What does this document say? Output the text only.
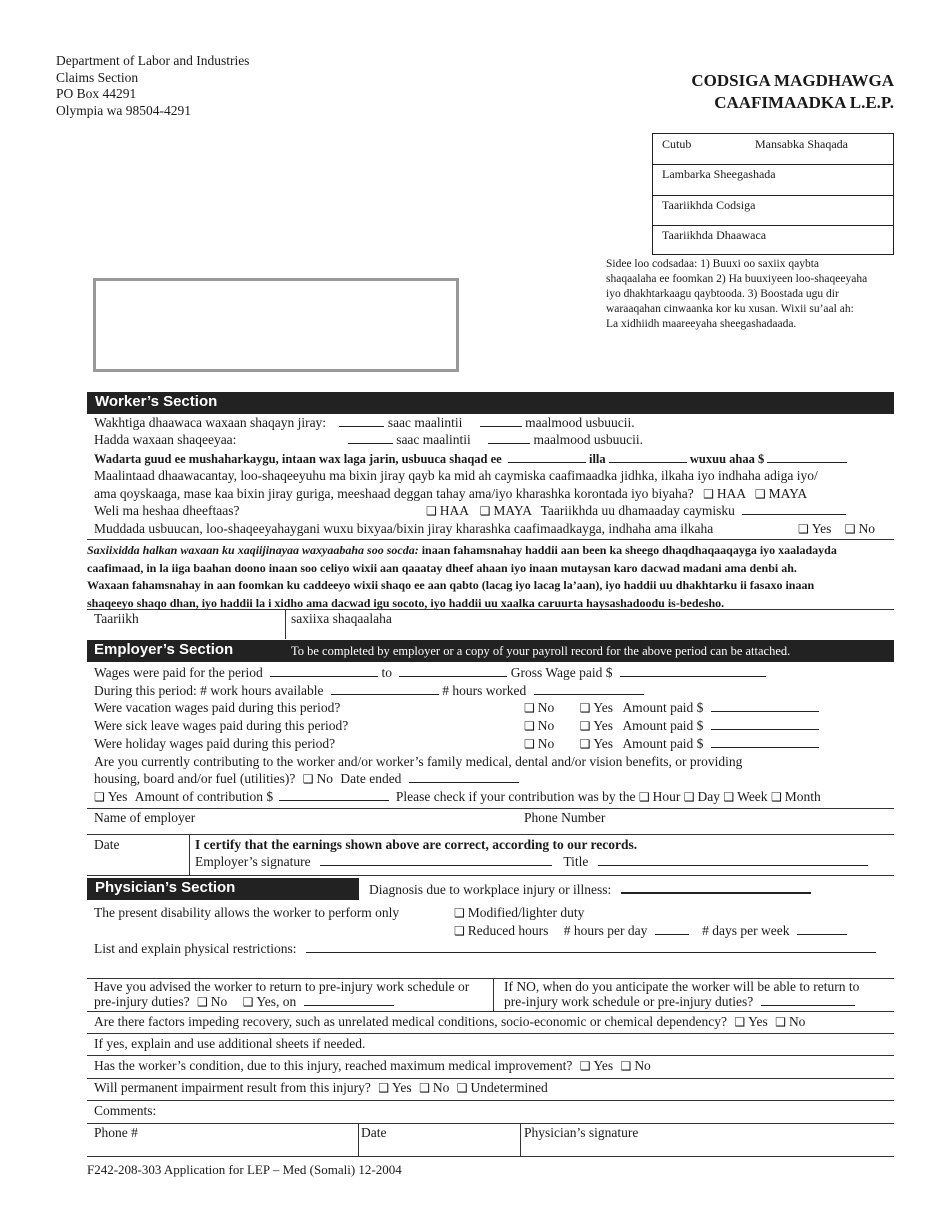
Department of Labor and Industries
Claims Section
PO Box 44291
Olympia wa 98504-4291
CODSIGA MAGDHAWGA
CAAFIMAADKA L.E.P.
Cutub	Mansabka Shaqada
Lambarka Sheegashada
Taariikhda Codsiga
Taariikhda Dhaawaca
Sidee loo codsadaa: 1) Buuxi oo saxiix qaybta
shaqaalaha ee foomkan 2) Ha buuxiyeen loo-shaqeeyaha
iyo dhakhtarkaagu qaybtooda. 3) Boostada ugu dir
waraaqahan cinwaanka kor ku xusan. Wixii su’aal ah:
La xidhiidh maareeyaha sheegashadaada.
Worker’s Section
Wakhtiga dhaawaca waxaan shaqayn jiray:	saac maalintii	maalmood usbuucii.
Hadda waxaan shaqeeyaa:	saac maalintii	maalmood usbuucii.
Wadarta guud ee mushaharkaygu, intaan wax laga jarin, usbuuca shaqad ee	illa	wuxuu ahaa $
Maalintaad dhaawacantay, loo-shaqeeyuhu ma bixin jiray qayb ka mid ah caymiska caafimaadka jidhka, ilkaha iyo indhaha adiga iyo/
ama qoyskaaga, mase kaa bixin jiray guriga, meeshaad deggan tahay ama/iyo kharashka korontada iyo biyaha? ❑ HAA ❑ MAYA
Weli ma heshaa dheeftaas?	❑ HAA ❑ MAYA Taariikhda uu dhamaaday caymisku
Muddada usbuucan, loo-shaqeeyahaygani wuxu bixyaa/bixin jiray kharashka caafimaadkayga, indhaha ama ilkaha	❑ Yes ❑ No
Saxiixidda halkan waxaan ku xaqiijinayaa waxyaabaha soo socda: inaan fahamsnahay haddii aan been ka sheego dhaqdhaqaaqayga iyo xaaladayda
caafimaad, in la iiga baahan doono inaan soo celiyo wixii aan qaaatay dheef ahaan iyo inaan mutaysan karo dacwad madani ama denbi ah.
Waxaan fahamsnahay in aan foomkan ku caddeeyo wixii shaqo ee aan qabto (lacag iyo lacag la’aan), iyo haddii uu dhakhtarku ii fasaxo inaan
shaqeeyo shaqo dhan, iyo haddii la i xidho ama dacwad igu socoto, iyo haddii uu xaalka caruurta haysashadoodu is-bedesho.
Taariikh	saxiixa shaqaalaha
Employer’s Section	To be completed by employer or a copy of your payroll record for the above period can be attached.
Wages were paid for the period	to	Gross Wage paid $
During this period: # work hours available	# hours worked
Were vacation wages paid during this period?	❑ No	❑ Yes Amount paid $
Were sick leave wages paid during this period?	❑ No	❑ Yes Amount paid $
Were holiday wages paid during this period?	❑ No	❑ Yes Amount paid $
Are you currently contributing to the worker and/or worker’s family medical, dental and/or vision benefits, or providing
housing, board and/or fuel (utilities)? ❑ No Date ended
❑ Yes Amount of contribution $	Please check if your contribution was by the ❑ Hour ❑ Day ❑ Week ❑ Month
Name of employer	Phone Number
Date	I certify that the earnings shown above are correct, according to our records.
Employer’s signature	Title
Physician’s Section	Diagnosis due to workplace injury or illness:
The present disability allows the worker to perform only	❑ Modified/lighter duty
❑ Reduced hours # hours per day	# days per week
List and explain physical restrictions:
Have you advised the worker to return to pre-injury work schedule or
pre-injury duties? ❑ No ❑ Yes, on
If NO, when do you anticipate the worker will be able to return to
pre-injury work schedule or pre-injury duties?
Are there factors impeding recovery, such as unrelated medical conditions, socio-economic or chemical dependency? ❑ Yes ❑ No
If yes, explain and use additional sheets if needed.
Has the worker’s condition, due to this injury, reached maximum medical improvement? ❑ Yes ❑ No
Will permanent impairment result from this injury? ❑ Yes ❑ No ❑ Undetermined
Comments:
Phone #	Date	Physician’s signature
F242-208-303 Application for LEP – Med (Somali) 12-2004
